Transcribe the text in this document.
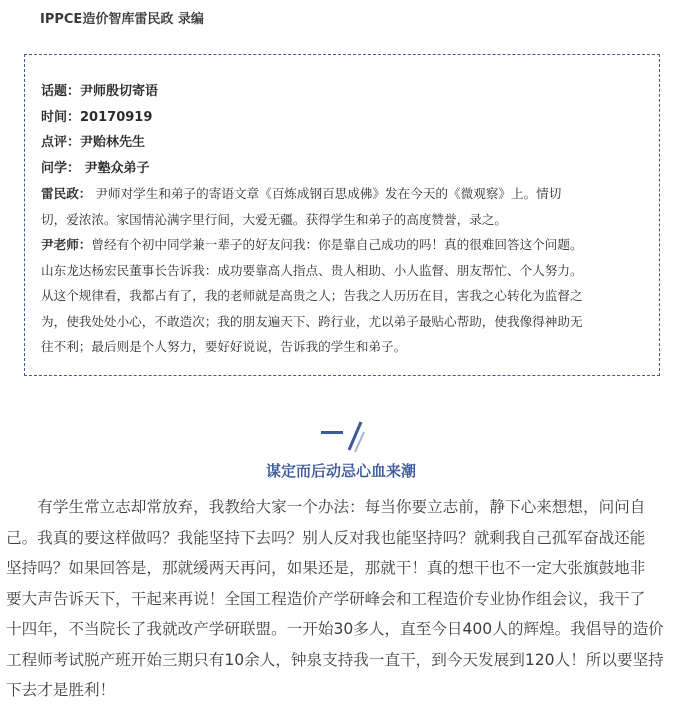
IPPCE造价智库雷民政 录编
话题：尹师殷切寄语
时间：20170919
点评：尹贻林先生
问学： 尹塾众弟子
雷民政： 尹师对学生和弟子的寄语文章《百炼成钢百思成佛》发在今天的《微观察》上。情切
切，爱浓浓。家国情沁满字里行间，大爱无疆。获得学生和弟子的高度赞誉，录之。
尹老师：曾经有个初中同学兼一辈子的好友问我：你是靠自己成功的吗！真的很难回答这个问题。
山东龙达杨宏民董事长告诉我：成功要靠高人指点、贵人相助、小人监督、朋友帮忙、个人努力。
从这个规律看，我都占有了，我的老师就是高贵之人；告我之人历历在目，害我之心转化为监督之
为，使我处处小心，不敢造次；我的朋友遍天下、跨行业，尤以弟子最贴心帮助，使我像得神助无
往不利；最后则是个人努力，要好好说说，告诉我的学生和弟子。
谋定而后动忌心血来潮
　　有学生常立志却常放弃，我教给大家一个办法：每当你要立志前，静下心来想想，问问自
己。我真的要这样做吗？我能坚持下去吗？别人反对我也能坚持吗？就剩我自己孤军奋战还能
坚持吗？如果回答是，那就缓两天再问，如果还是，那就干！真的想干也不一定大张旗鼓地非
要大声告诉天下，干起来再说！全国工程造价产学研峰会和工程造价专业协作组会议，我干了
十四年，不当院长了我就改产学研联盟。一开始30多人，直至今日400人的辉煌。我倡导的造价
工程师考试脱产班开始三期只有10余人，钟泉支持我一直干，到今天发展到120人！所以要坚持
下去才是胜利！
